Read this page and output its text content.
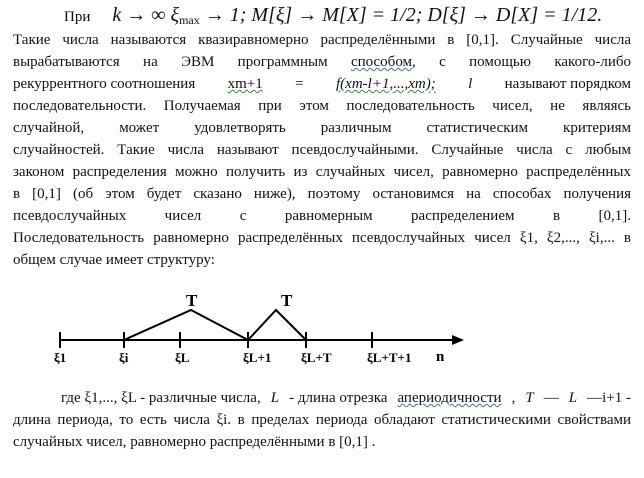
При k → ∞ $\xi_{max} \to 1$; M[ξ] → M[X] = 1/2; D[ξ] → D[X] = 1/12.
Такие числа называются квазиравномерно распределёнными в [0,1]. Случайные числа
вырабатываются на ЭВМ программным способом, с помощью какого-либо
рекуррентного соотношения xm+1 = f(xm-l+1,...,xm); l называют порядком
последовательности. Получаемая при этом последовательность чисел, не являясь
случайной, может удовлетворять различным статистическим критериям
случайностей. Такие числа называют псевдослучайными. Случайные числа с любым
законом распределения можно получить из случайных чисел, равномерно распределённых
в [0,1] (об этом будет сказано ниже), поэтому остановимся на способах получения
псевдослучайных чисел с равномерным распределением в [0,1].
Последовательность равномерно распределённых псевдослучайных чисел ξ1, ξ2,..., ξi,... в
общем случае имеет структуру:
T	T
n
ξ1	ξi	ξL	ξL+1 ξL+T	ξL+T+1
где ξ1,..., ξL - различные числа, L - длина отрезка апериодичности , T — L —i+1 -
длина периода, то есть числа ξi. в пределах периода обладают статистическими свойствами
случайных чисел, равномерно распределёнными в [0,1] .
